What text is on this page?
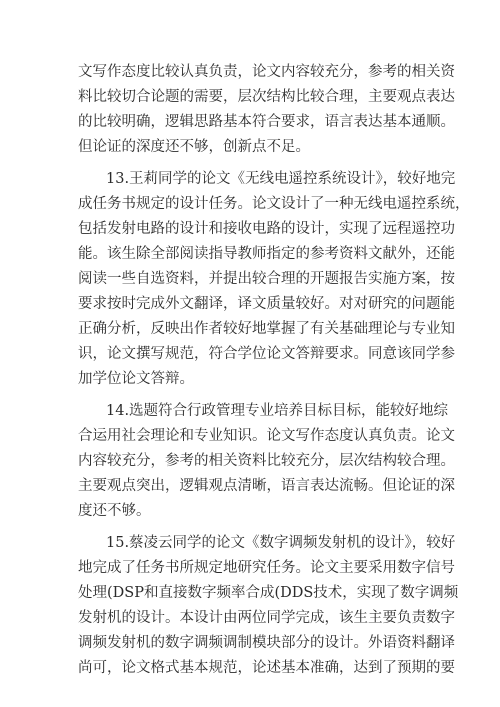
文写作态度比较认真负责，论文内容较充分，参考的相关资
料比较切合论题的需要，层次结构比较合理，主要观点表达
的比较明确，逻辑思路基本符合要求，语言表达基本通顺。
但论证的深度还不够，创新点不足。
13.王莉同学的论文《无线电遥控系统设计》，较好地完
成任务书规定的设计任务。论文设计了一种无线电遥控系统，
包括发射电路的设计和接收电路的设计，实现了远程遥控功
能。该生除全部阅读指导教师指定的参考资料文献外，还能
阅读一些自选资料，并提出较合理的开题报告实施方案，按
要求按时完成外文翻译，译文质量较好。对对研究的问题能
正确分析，反映出作者较好地掌握了有关基础理论与专业知
识，论文撰写规范，符合学位论文答辩要求。同意该同学参
加学位论文答辩。
14.选题符合行政管理专业培养目标目标，能较好地综
合运用社会理论和专业知识。论文写作态度认真负责。论文
内容较充分，参考的相关资料比较充分，层次结构较合理。
主要观点突出，逻辑观点清晰，语言表达流畅。但论证的深
度还不够。
15.蔡凌云同学的论文《数字调频发射机的设计》，较好
地完成了任务书所规定地研究任务。论文主要采用数字信号
处理(DSP和直接数字频率合成(DDS技术，实现了数字调频
发射机的设计。本设计由两位同学完成，该生主要负责数字
调频发射机的数字调频调制模块部分的设计。外语资料翻译
尚可，论文格式基本规范，论述基本准确，达到了预期的要
